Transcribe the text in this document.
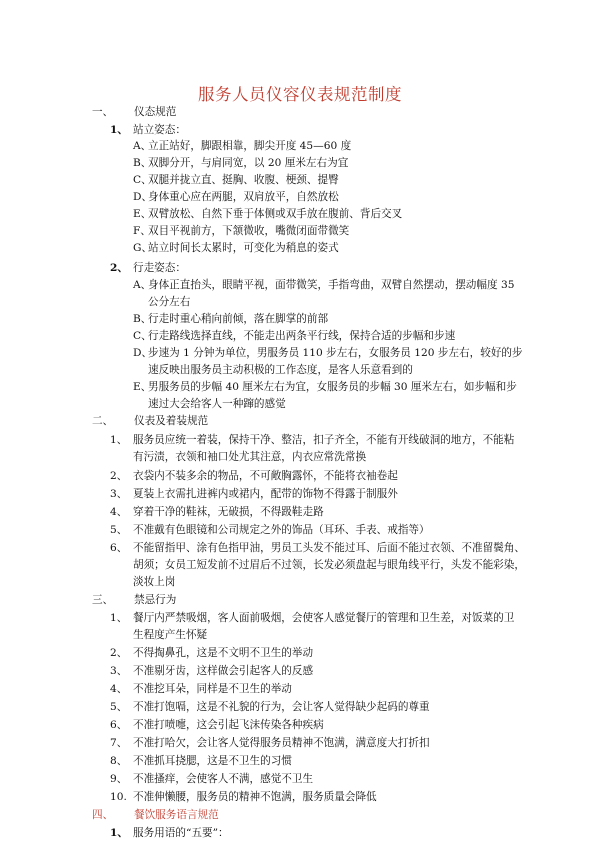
服务人员仪容仪表规范制度
一、 仪态规范
1、 站立姿态：
A、
立正站好，脚跟相靠，脚尖开度 45—60 度
B、
双脚分开，与肩同宽，以 20 厘米左右为宜
C、
双腿并拢立直、挺胸、收腹、梗颈、提臀
D、
身体重心应在两腿，双肩放平，自然放松
E、
双臂放松、自然下垂于体侧或双手放在腹前、背后交叉
F、
双目平视前方，下颔微收，嘴微闭面带微笑
G、
站立时间长太累时，可变化为稍息的姿式
2、 行走姿态：
A、
身体正直抬头，眼睛平视，面带微笑，手指弯曲，双臂自然摆动，摆动幅度 35
公分左右
B、
行走时重心稍向前倾，落在脚掌的前部
C、
行走路线选择直线，不能走出两条平行线，保持合适的步幅和步速
D、
步速为 1 分钟为单位，男服务员 110 步左右，女服务员 120 步左右，较好的步
速反映出服务员主动积极的工作态度，是客人乐意看到的
E、
男服务员的步幅 40 厘米左右为宜，女服务员的步幅 30 厘米左右，如步幅和步
速过大会给客人一种蹿的感觉
二、 仪表及着装规范
1、 服务员应统一着装，保持干净、整洁，扣子齐全，不能有开线破洞的地方，不能粘
有污渍，衣领和袖口处尤其注意，内衣应常洗常换
2、 衣袋内不装多余的物品，不可敞胸露怀，不能将衣袖卷起
3、 夏装上衣需扎进裤内或裙内，配带的饰物不得露于制服外
4、 穿着干净的鞋袜，无破损，不得趿鞋走路
5、 不准戴有色眼镜和公司规定之外的饰品（耳环、手表、戒指等）
6、 不能留指甲、涂有色指甲油，男员工头发不能过耳、后面不能过衣领、不准留鬓角、
胡须；女员工短发前不过眉后不过领，长发必须盘起与眼角线平行，头发不能彩染，
淡妆上岗
三、 禁忌行为
1、 餐厅内严禁吸烟，客人面前吸烟，会使客人感觉餐厅的管理和卫生差，对饭菜的卫
生程度产生怀疑
2、 不得掏鼻孔，这是不文明不卫生的举动
3、 不准剔牙齿，这样做会引起客人的反感
4、 不准挖耳朵，同样是不卫生的举动
5、 不准打饱嗝，这是不礼貌的行为，会让客人觉得缺少起码的尊重
6、 不准打喷嚏，这会引起飞沫传染各种疾病
7、 不准打哈欠，会让客人觉得服务员精神不饱满，满意度大打折扣
8、 不准抓耳挠腮，这是不卫生的习惯
9、 不准搔痒，会使客人不满，感觉不卫生
10. 不准伸懒腰，服务员的精神不饱满，服务质量会降低
四、 餐饮服务语言规范
1、 服务用语的“五要”：
